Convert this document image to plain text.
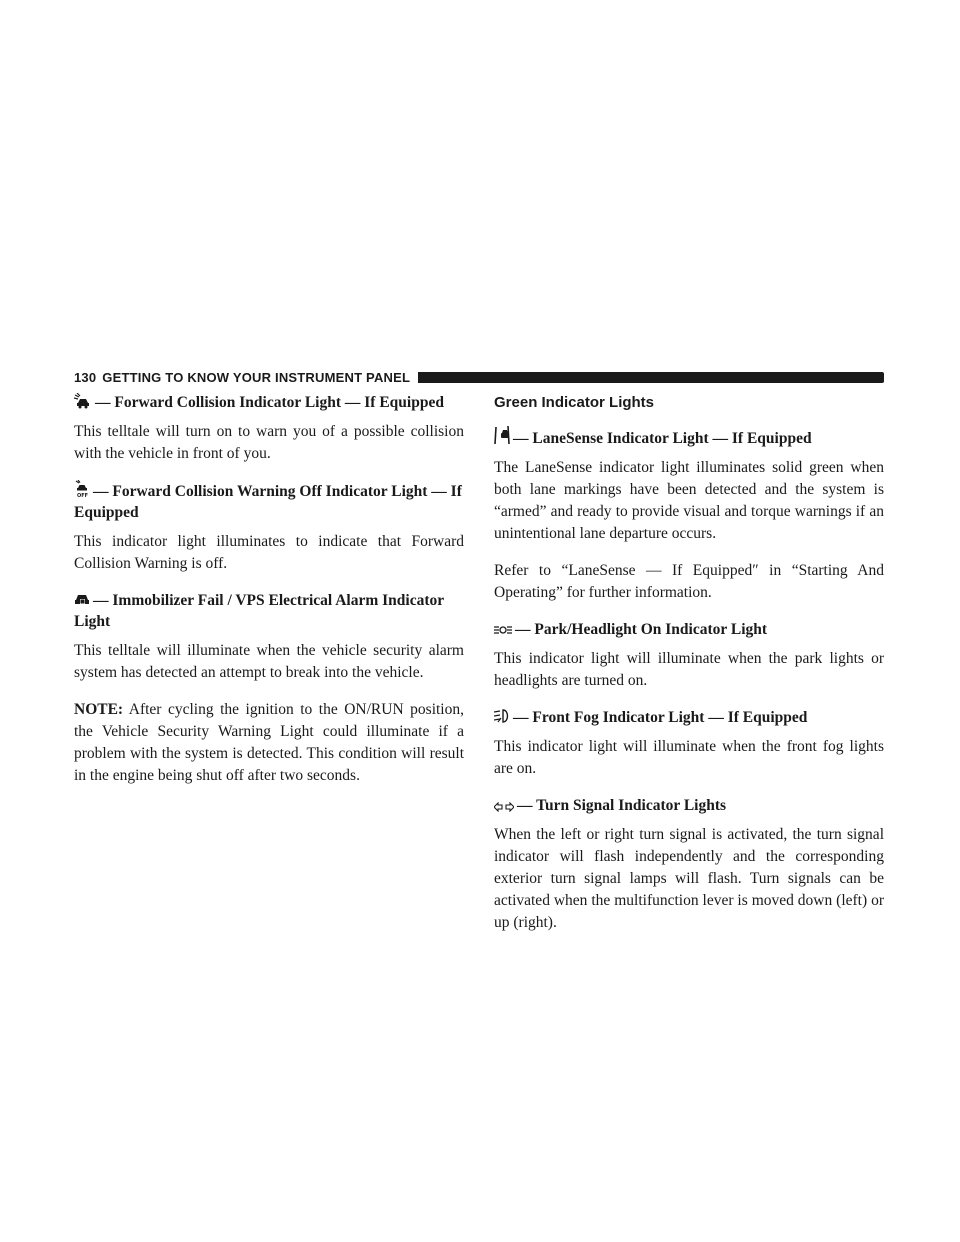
130 GETTING TO KNOW YOUR INSTRUMENT PANEL
— Forward Collision Indicator Light — If Equipped

This telltale will turn on to warn you of a possible collision with the vehicle in front of you.

OFF — Forward Collision Warning Off Indicator Light — If Equipped

This indicator light illuminates to indicate that Forward Collision Warning is off.

— Immobilizer Fail / VPS Electrical Alarm Indicator Light

This telltale will illuminate when the vehicle security alarm system has detected an attempt to break into the vehicle.

NOTE: After cycling the ignition to the ON/RUN position, the Vehicle Security Warning Light could illuminate if a problem with the system is detected. This condition will result in the engine being shut off after two seconds.

Green Indicator Lights
— LaneSense Indicator Light — If Equipped

The LaneSense indicator light illuminates solid green when both lane markings have been detected and the system is “armed” and ready to provide visual and torque warnings if an unintentional lane departure occurs.

Refer to “LaneSense — If Equipped″ in “Starting And Operating” for further information.

— Park/Headlight On Indicator Light

This indicator light will illuminate when the park lights or headlights are turned on.

— Front Fog Indicator Light — If Equipped

This indicator light will illuminate when the front fog lights are on.

— Turn Signal Indicator Lights

When the left or right turn signal is activated, the turn signal indicator will flash independently and the corresponding exterior turn signal lamps will flash. Turn signals can be activated when the multifunction lever is moved down (left) or up (right).
